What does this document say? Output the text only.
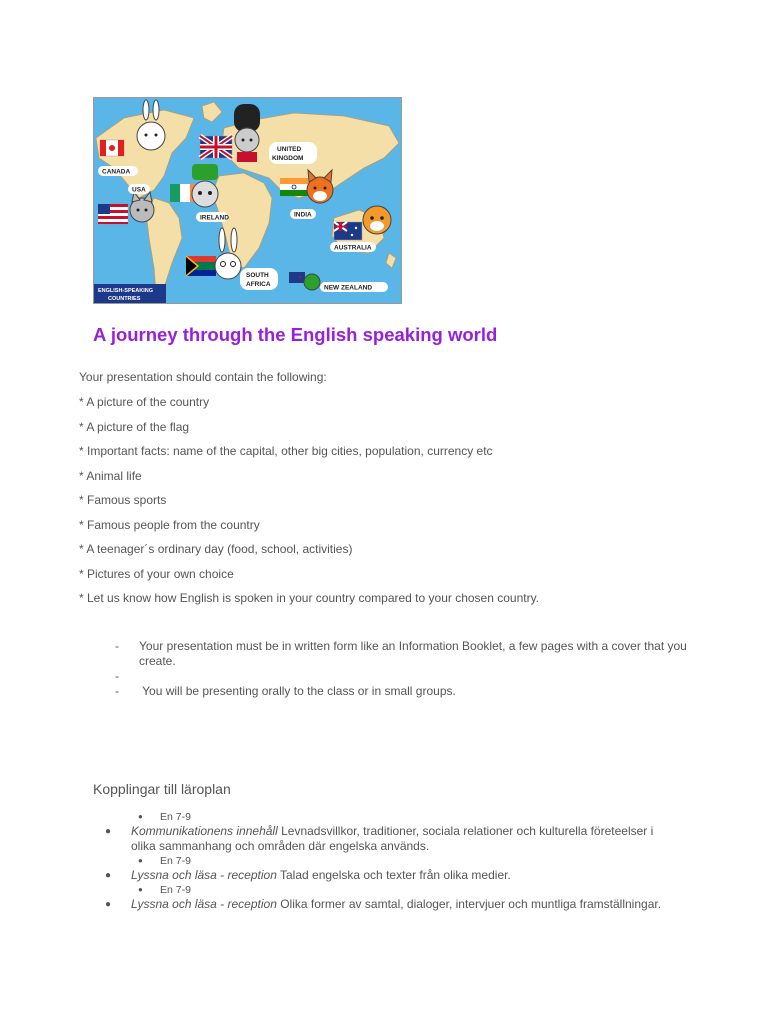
CANADA
USA
UNITED
KINGDOM
IRELAND	INDIA
AUSTRALIA
SOUTH
AFRICA	NEW ZEALAND
ENGLISH-SPEAKING
COUNTRIES
A journey through the English speaking world
Your presentation should contain the following:
* A picture of the country
* A picture of the flag
* Important facts: name of the capital, other big cities, population, currency etc
* Animal life
* Famous sports
* Famous people from the country
* A teenager´s ordinary day (food, school, activities)
* Pictures of your own choice
* Let us know how English is spoken in your country compared to your chosen country.
- Your presentation must be in written form like an Information Booklet, a few pages with a cover that you create.
-

- You will be presenting orally to the class or in small groups.
Kopplingar till läroplan
● En 7-9
● Kommunikationens innehåll Levnadsvillkor, traditioner, sociala relationer och kulturella företeelser i olika sammanhang och områden där engelska används.
● En 7-9
● Lyssna och läsa - reception Talad engelska och texter från olika medier.
● En 7-9
● Lyssna och läsa - reception Olika former av samtal, dialoger, intervjuer och muntliga framställningar.
